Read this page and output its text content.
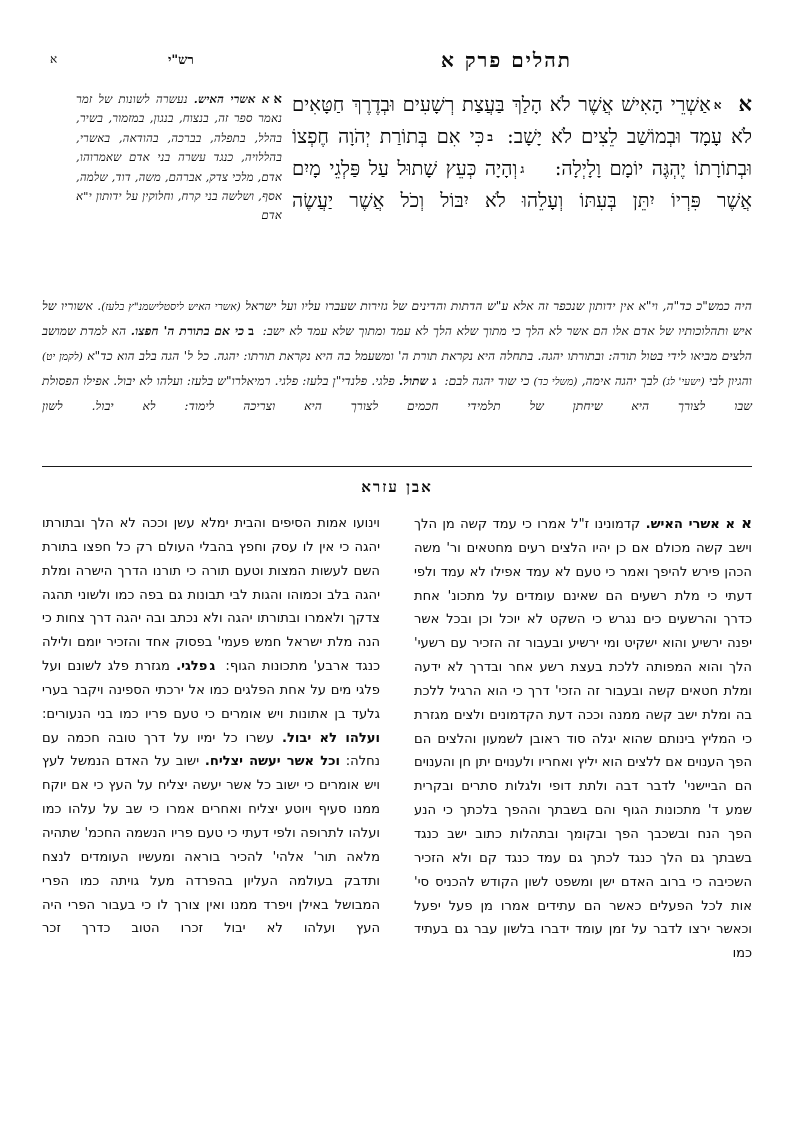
תהלים פרק א
רש"י
א
אאאַשְׁרֵי הָאִישׁ אֲשֶׁר לֹא הָלַךְ בַּעֲצַת רְשָׁעִים וּבְדֶרֶךְ חַטָּאִים לֹא עָמָד וּבְמוֹשַׁב לֵצִים לֹא יָשָׁב: בכִּי אִם בְּתוֹרַת יְהֹוָה חֶפְצוֹ וּבְתוֹרָתוֹ יֶהְגֶּה יוֹמָם וָלָיְלָה:   גוְהָיָה כְּעֵץ שָׁתוּל עַל פַּלְגֵי מָיִם אֲשֶׁר פִּרְיוֹ יִתֵּן בְּעִתּוֹ וְעָלֵהוּ לֹא יִבּוֹל וְכֹל אֲשֶׁר יַעֲשֶׂה
אא אשרי האיש. נעשרה לשונות של זמר נאמר ספר זה, בנצוח, בנגון, במזמור, בשיר, בהלל, בתפלה, בברכה, בהודאה, באשרי, בהללויה, כנגד עשרה בני אדם שאמרוהו, אדם, מלכי צדק, אברהם, משה, דוד, שלמה, אסף, ושלשה בני קרח, וחלוקין על ידותון י"א אדם
היה כמש"כ כד"ה, וי"א אין ידותון שנכפר זה אלא ע"ש הדתות והדינים של גזירות שעברו עליו ועל ישראל (אשרי האיש ליסטלישמנ"ץ בלעז). אשוריו של איש ותהלוכותיו של אדם אלו הם אשר לא הלך כי מתוך שלא הלך לא עמד ומתוך שלא עמד לא ישב: בכי אם בתורת ה' חפצו. הא למדת שמושב הלצים מביאו לידי בטול תורה: ובתורתו יהגה. בתחלה היא נקראת תורת ה' ומשעמל בה היא נקראת תורתו: יהגה. כל ל' הגה בלב הוא כד"א (לקמן יט) והגיון לבי (ישעי' לג) לבך יהגה אימה, (משלי כד) כי שוד יהגה לבם: גשתול. פלגי. פלנדי"ן בלעז: פלגי. רמיאלרו"ש בלעז: ועלהו לא יבול. אפילו הפסולת שבו לצורך היא שיחתן של תלמידי חכמים לצורך היא וצריכה לימוד: לא יבול. לשון
אבן עזרא
אא אשרי האיש. קדמונינו ז"ל אמרו כי עמד קשה מן הלך וישב קשה מכולם אם כן יהיו הלצים רעים מחטאים ור' משה הכהן פירש להיפך ואמר כי טעם לא עמד אפילו לא עמד ולפי דעתי כי מלת רשעים הם שאינם עומדים על מתכונ' אחת כדרך והרשעים כים נגרש כי השקט לא יוכל וכן ובכל אשר יפנה ירשיע והוא ישקיט ומי ירשיע ובעבור זה הזכיר עם רשעי' הלך והוא המפותה ללכת בעצת רשע אחר ובדרך לא ידעה ומלת חטאים קשה ובעבור זה הזכי' דרך כי הוא הרגיל ללכת בה ומלת ישב קשה ממנה וככה דעת הקדמונים ולצים מגזרת כי המליץ בינותם שהוא יגלה סוד ראובן לשמעון והלצים הם הפך הענוים אם ללצים הוא יליץ ואחריו ולענוים יתן חן והענוים הם הביישני' לדבר דבה ולתת דופי ולגלות סתרים ובקרית שמע ד' מתכונות הגוף והם בשבתך וההפך בלכתך כי הנע הפך הנח ובשכבך הפך ובקומך ובתהלות כתוב ישב כנגד בשבתך גם הלך כנגד לכתך גם עמד כנגד קם ולא הזכיר השכיבה כי ברוב האדם ישן ומשפט לשון הקודש להכניס סי' אות לכל הפעלים כאשר הם עתידים אמרו מן פעל יפעל וכאשר ירצו לדבר על זמן עומד ידברו בלשון עבר גם בעתיד כמו
וינועו אמות הסיפים והבית ימלא עשן וככה לא הלך ובתורתו יהגה כי אין לו עסק וחפץ בהבלי העולם רק כל חפצו בתורת השם לעשות המצות וטעם תורה כי תורנו הדרך הישרה ומלת יהגה בלב וכמוהו והגות לבי תבונות גם בפה כמו ולשוני תהגה צדקך ולאמרו ובתורתו יהגה ולא נכתב ובה יהגה דרך צחות כי הנה מלת ישראל חמש פעמי' בפסוק אחד והזכיר יומם ולילה כנגד ארבע' מתכונות הגוף: גפלגי. מגזרת פלג לשונם ועל פלגי מים על אחת הפלגים כמו אל ירכתי הספינה ויקבר בערי גלעד בן אתונות ויש אומרים כי טעם פריו כמו בני הנעורים: ועלהו לא יבול. עשרו כל ימיו על דרך טובה חכמה עם נחלה: וכל אשר יעשה יצליח. ישוב על האדם הנמשל לעץ ויש אומרים כי ישוב כל אשר יעשה יצליח על העץ כי אם יוקח ממנו סעיף ויוטע יצליח ואחרים אמרו כי שב על עלהו כמו ועלהו לתרופה ולפי דעתי כי טעם פריו הנשמה החכמ' שתהיה מלאה תור' אלהי' להכיר בוראה ומעשיו העומדים לנצח ותדבק בעולמה העליון בהפרדה מעל גויתה כמו הפרי המבושל באילן ויפרד ממנו ואין צורך לו כי בעבור הפרי היה העץ ועלהו לא יבול זכרו הטוב כדרך זכר
